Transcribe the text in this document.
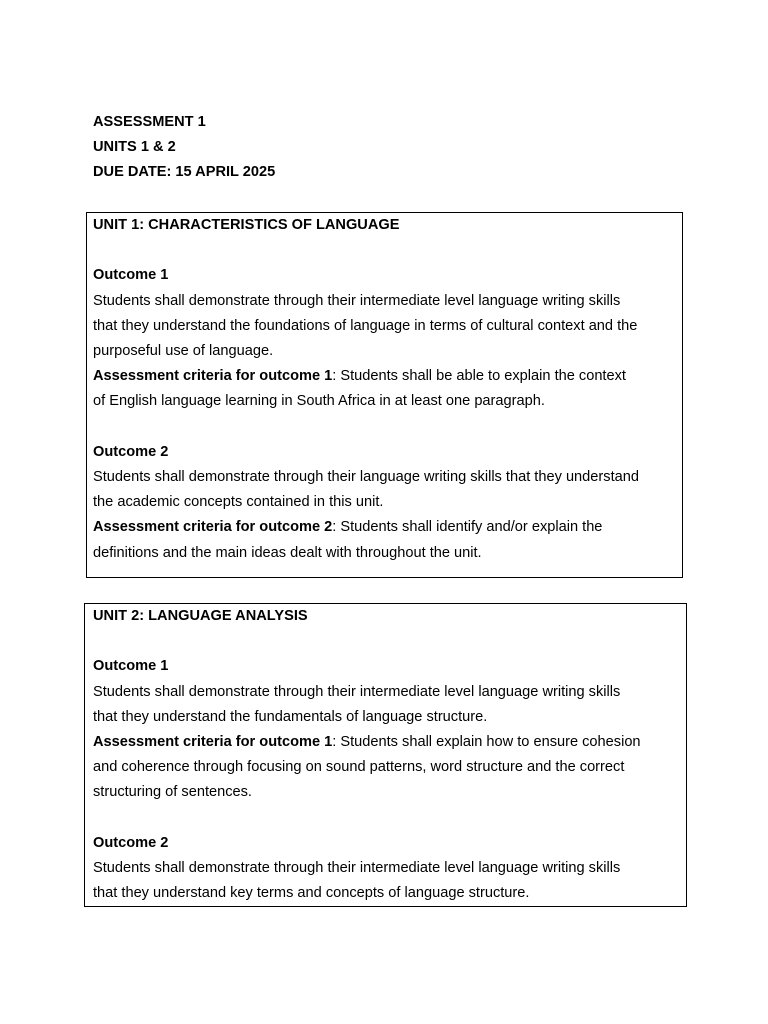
ASSESSMENT 1
UNITS 1 & 2
DUE DATE: 15 APRIL 2025
UNIT 1: CHARACTERISTICS OF LANGUAGE
Outcome 1

Students shall demonstrate through their intermediate level language writing skills

that they understand the foundations of language in terms of cultural context and the

purposeful use of language.

Assessment criteria for outcome 1: Students shall be able to explain the context

of English language learning in South Africa in at least one paragraph.

Outcome 2

Students shall demonstrate through their language writing skills that they understand

the academic concepts contained in this unit.

Assessment criteria for outcome 2: Students shall identify and/or explain the

definitions and the main ideas dealt with throughout the unit.

UNIT 2: LANGUAGE ANALYSIS
Outcome 1

Students shall demonstrate through their intermediate level language writing skills

that they understand the fundamentals of language structure.

Assessment criteria for outcome 1: Students shall explain how to ensure cohesion

and coherence through focusing on sound patterns, word structure and the correct

structuring of sentences.

Outcome 2

Students shall demonstrate through their intermediate level language writing skills

that they understand key terms and concepts of language structure.
